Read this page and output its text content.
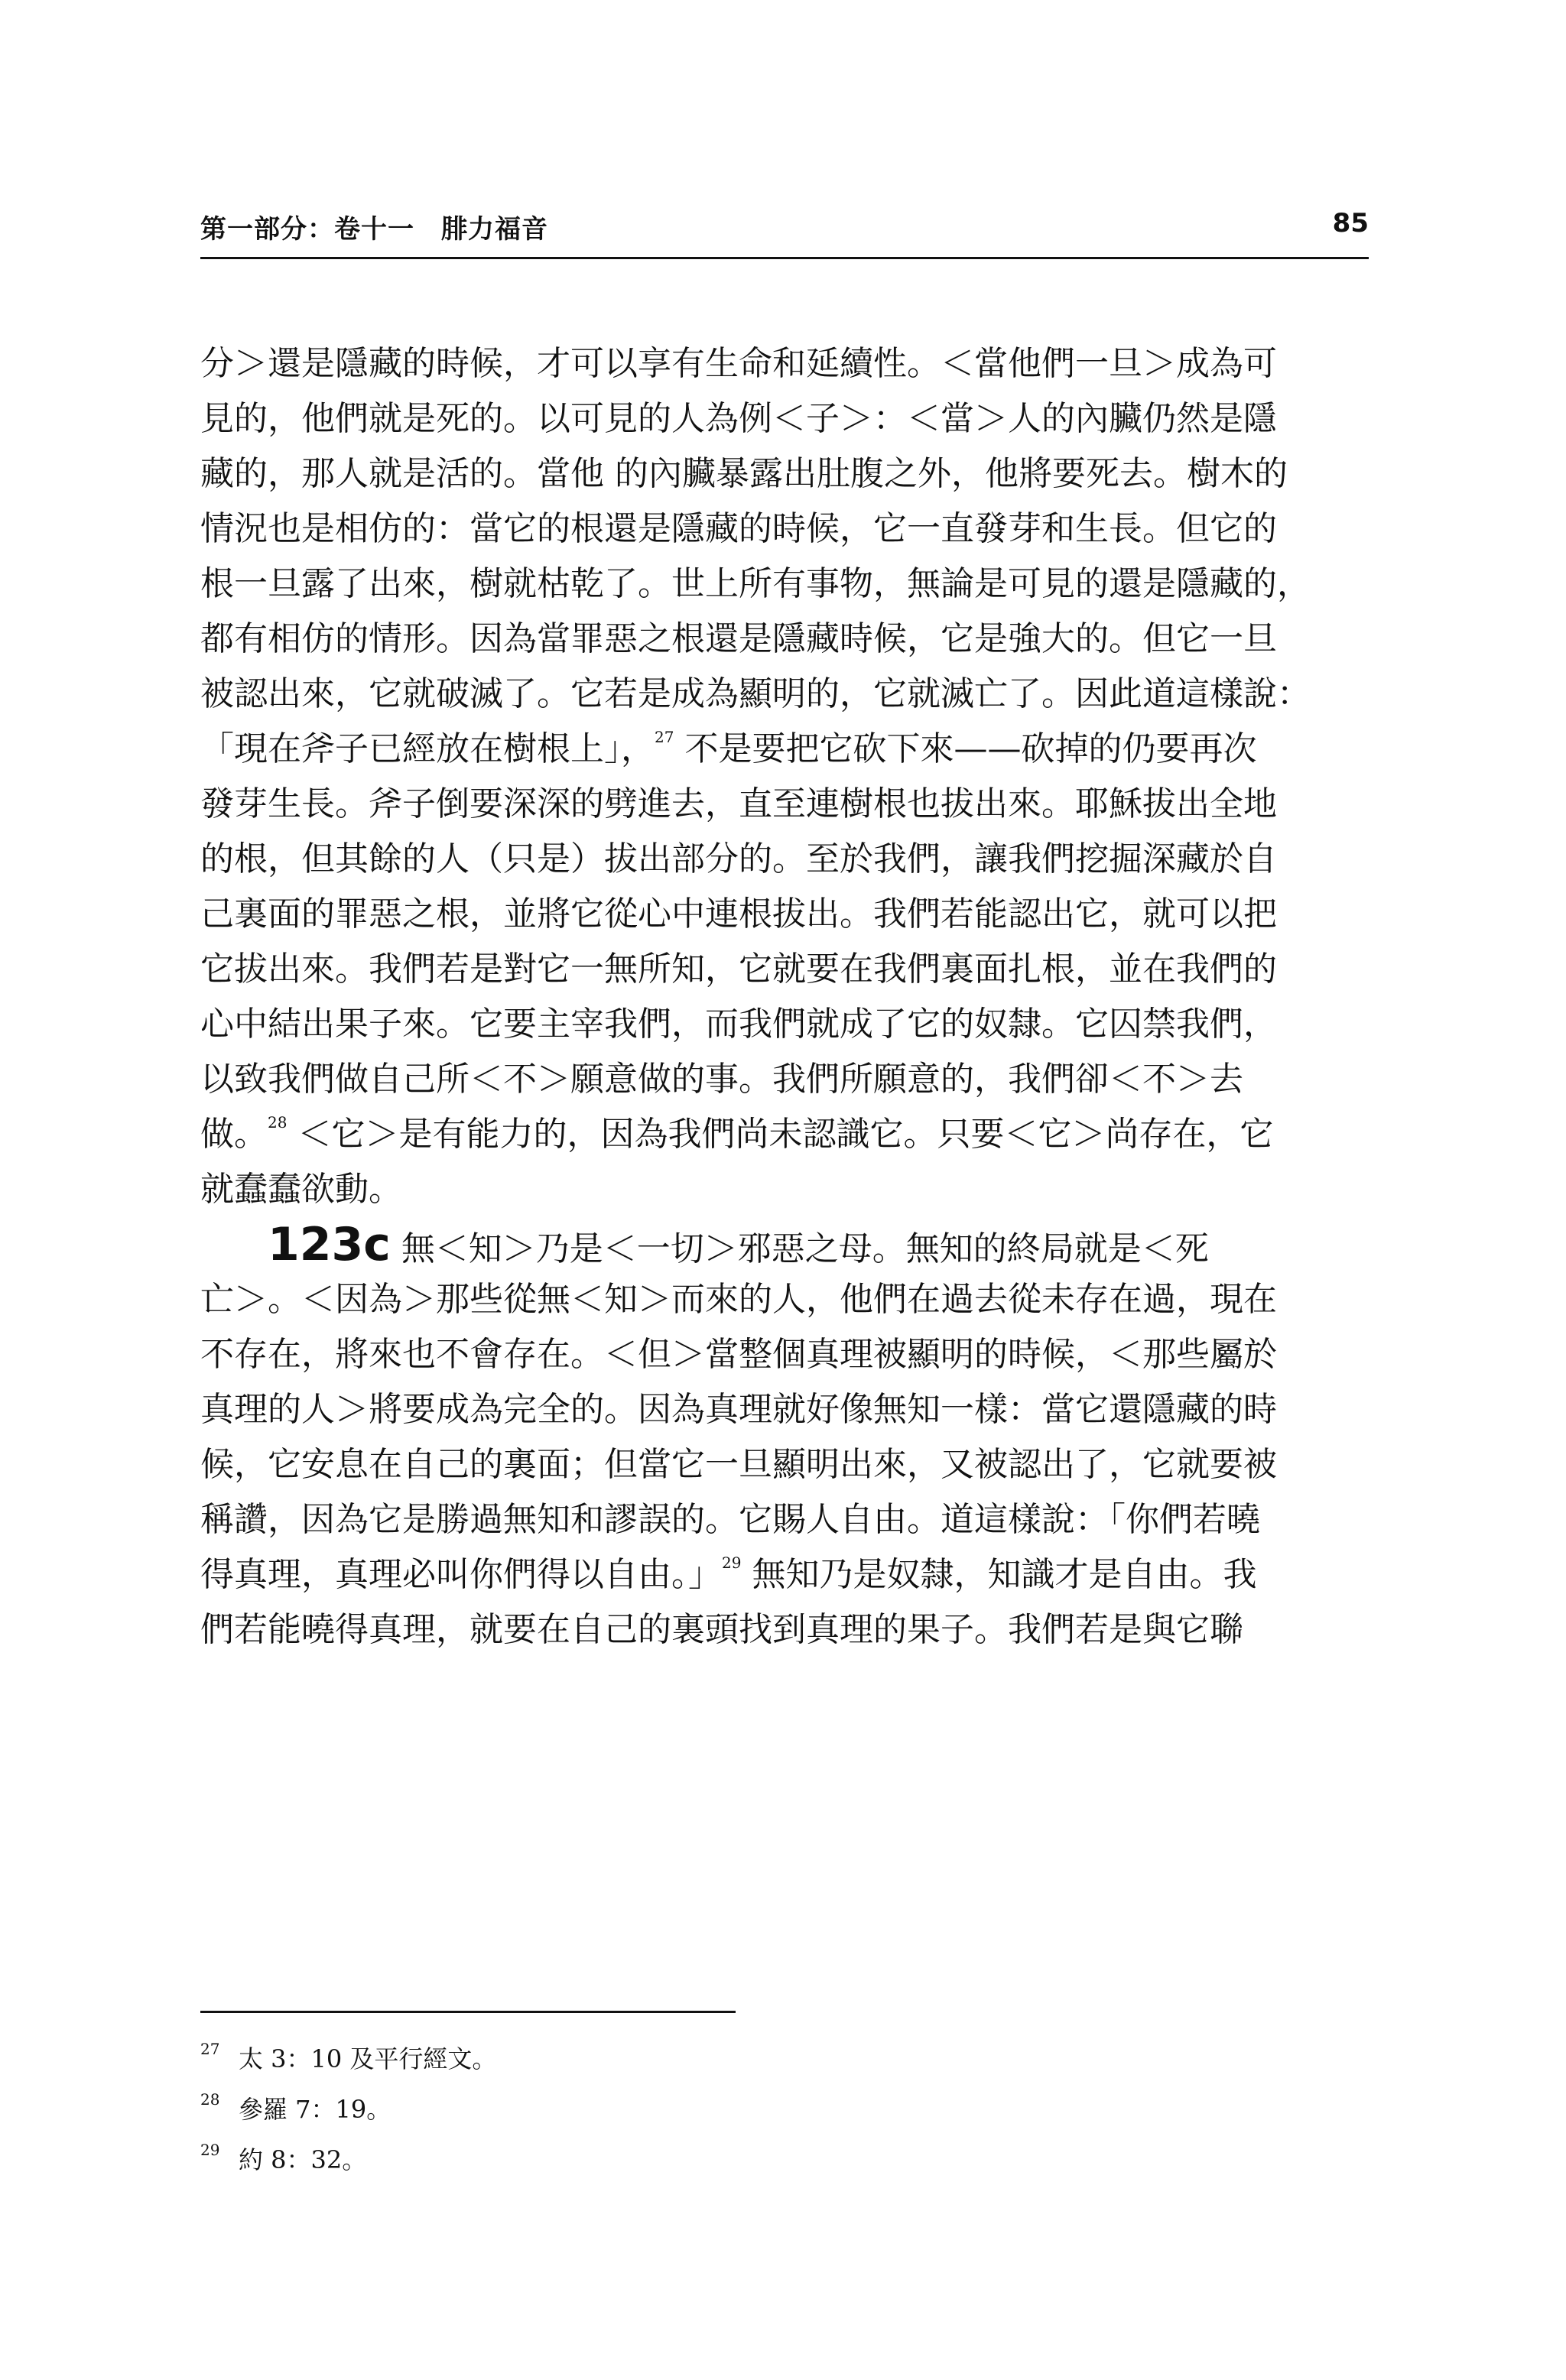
第一部分：卷十一　腓力福音	85
分＞還是隱藏的時候，才可以享有生命和延續性。＜當他們一旦＞成為可
見的，他們就是死的。以可見的人為例＜子＞：＜當＞人的內臟仍然是隱
藏的，那人就是活的。當他 的內臟暴露出肚腹之外，他將要死去。樹木的
情況也是相仿的：當它的根還是隱藏的時候，它一直發芽和生長。但它的
根一旦露了出來，樹就枯乾了。世上所有事物，無論是可見的還是隱藏的，
都有相仿的情形。因為當罪惡之根還是隱藏時候，它是強大的。但它一旦
被認出來，它就破滅了。它若是成為顯明的，它就滅亡了。因此道這樣說：
「現在斧子已經放在樹根上」，$^{27}$ 不是要把它砍下來——砍掉的仍要再次
發芽生長。斧子倒要深深的劈進去，直至連樹根也拔出來。耶穌拔出全地
的根，但其餘的人（只是）拔出部分的。至於我們，讓我們挖掘深藏於自
己裏面的罪惡之根，並將它從心中連根拔出。我們若能認出它，就可以把
它拔出來。我們若是對它一無所知，它就要在我們裏面扎根，並在我們的
心中結出果子來。它要主宰我們，而我們就成了它的奴隸。它囚禁我們，
以致我們做自己所＜不＞願意做的事。我們所願意的，我們卻＜不＞去
做。$^{28}$ ＜它＞是有能力的，因為我們尚未認識它。只要＜它＞尚存在，它
就蠢蠢欲動。
123c 無＜知＞乃是＜一切＞邪惡之母。無知的終局就是＜死
亡＞。＜因為＞那些從無＜知＞而來的人，他們在過去從未存在過，現在
不存在，將來也不會存在。＜但＞當整個真理被顯明的時候，＜那些屬於
真理的人＞將要成為完全的。因為真理就好像無知一樣：當它還隱藏的時
候，它安息在自己的裏面；但當它一旦顯明出來，又被認出了，它就要被
稱讚，因為它是勝過無知和謬誤的。它賜人自由。道這樣說：「你們若曉
得真理，真理必叫你們得以自由。」$^{29}$ 無知乃是奴隸，知識才是自由。我
們若能曉得真理，就要在自己的裏頭找到真理的果子。我們若是與它聯
27 太 3：10 及平行經文。
28 參羅 7：19。
29 約 8：32。
